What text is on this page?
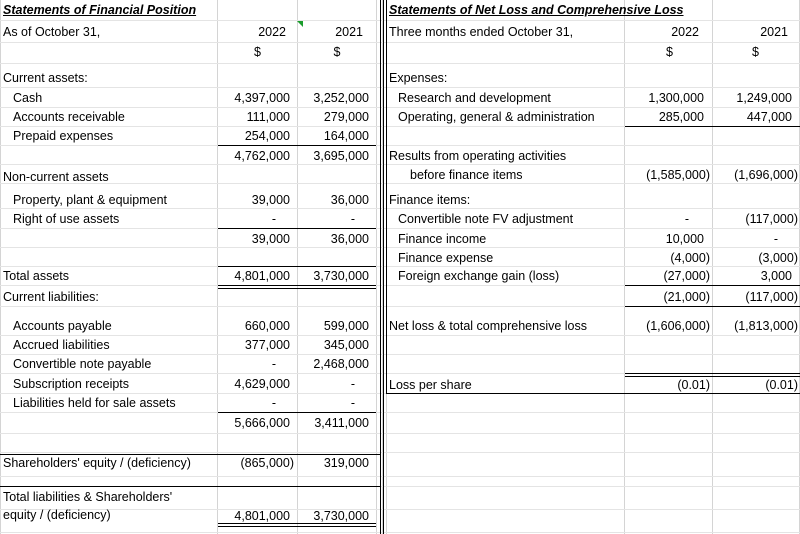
Statements of Financial Position
As of October 31,	2022	2021
$	$
Current assets:
Cash	4,397,000	3,252,000
Accounts receivable	111,000	279,000
Prepaid expenses	254,000	164,000
4,762,000	3,695,000
Non-current assets
Property, plant & equipment	39,000	36,000
Right of use assets	-	-
39,000	36,000
Total assets	4,801,000	3,730,000
Current liabilities:
Accounts payable	660,000	599,000
Accrued liabilities	377,000	345,000
Convertible note payable	-	2,468,000
Subscription receipts	4,629,000	-
Liabilities held for sale assets	-	-
5,666,000	3,411,000
Shareholders' equity / (deficiency)	(865,000)	319,000
Total liabilities & Shareholders'
equity / (deficiency)	4,801,000	3,730,000
Statements of Net Loss and Comprehensive Loss
Three months ended October 31,	2022	2021
$	$
Expenses:
Research and development	1,300,000	1,249,000
Operating, general & administration	285,000	447,000
Results from operating activities
before finance items	(1,585,000)	(1,696,000)
Finance items:
Convertible note FV adjustment	-	(117,000)
Finance income	10,000	-
Finance expense	(4,000)	(3,000)
Foreign exchange gain (loss)	(27,000)	3,000
(21,000)	(117,000)
Net loss & total comprehensive loss	(1,606,000)	(1,813,000)
Loss per share	(0.01)	(0.01)
